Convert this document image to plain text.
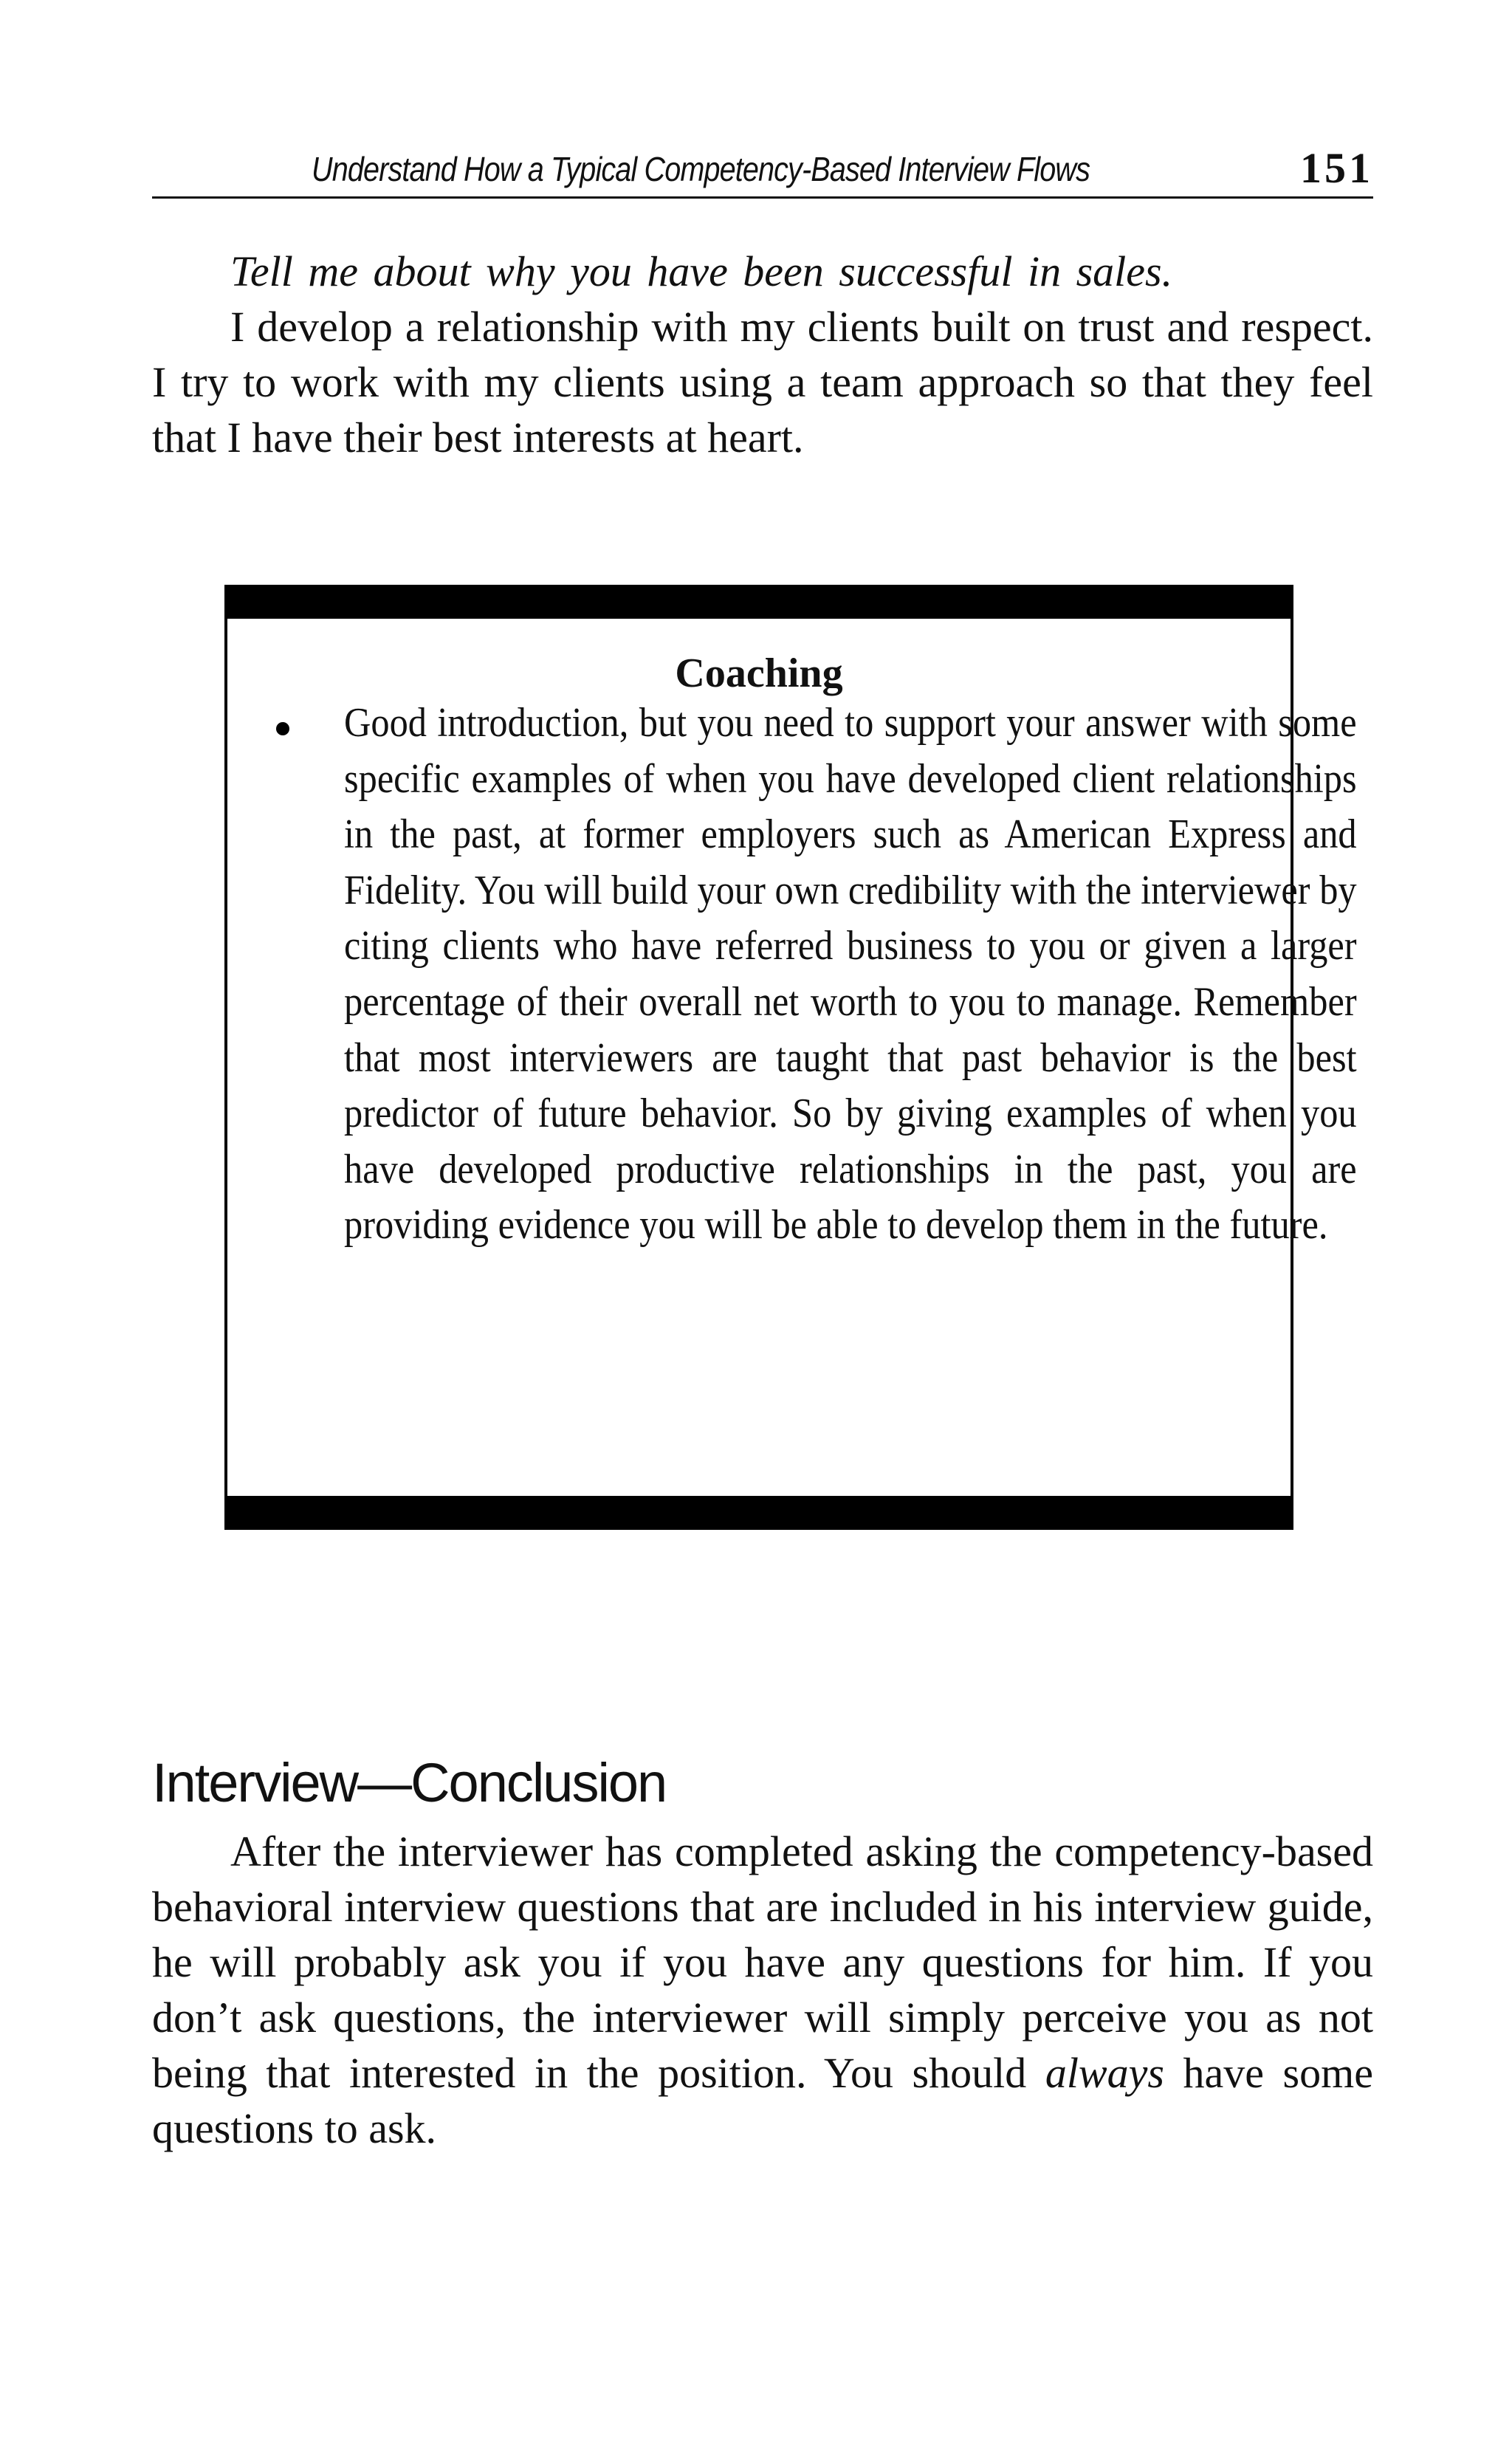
Understand How a Typical Competency-Based Interview Flows	151
Tell me about why you have been successful in sales.

I develop a relationship with my clients built on trust and respect. I try to work with my clients using a team approach so that they feel that I have their best interests at heart.

Coaching

Good introduction, but you need to support your answer with some specific examples of when you have developed client relationships in the past, at former employers such as American Express and Fidelity. You will build your own credibility with the interviewer by citing clients who have referred business to you or given a larger percentage of their overall net worth to you to manage. Remember that most interviewers are taught that past behavior is the best predictor of future behavior. So by giving examples of when you have developed productive relationships in the past, you are providing evidence you will be able to develop them in the future.

Interview—Conclusion

After the interviewer has completed asking the competency-based behavioral interview questions that are included in his interview guide, he will probably ask you if you have any questions for him. If you don’t ask questions, the interviewer will simply perceive you as not being that interested in the position. You should always have some questions to ask.
